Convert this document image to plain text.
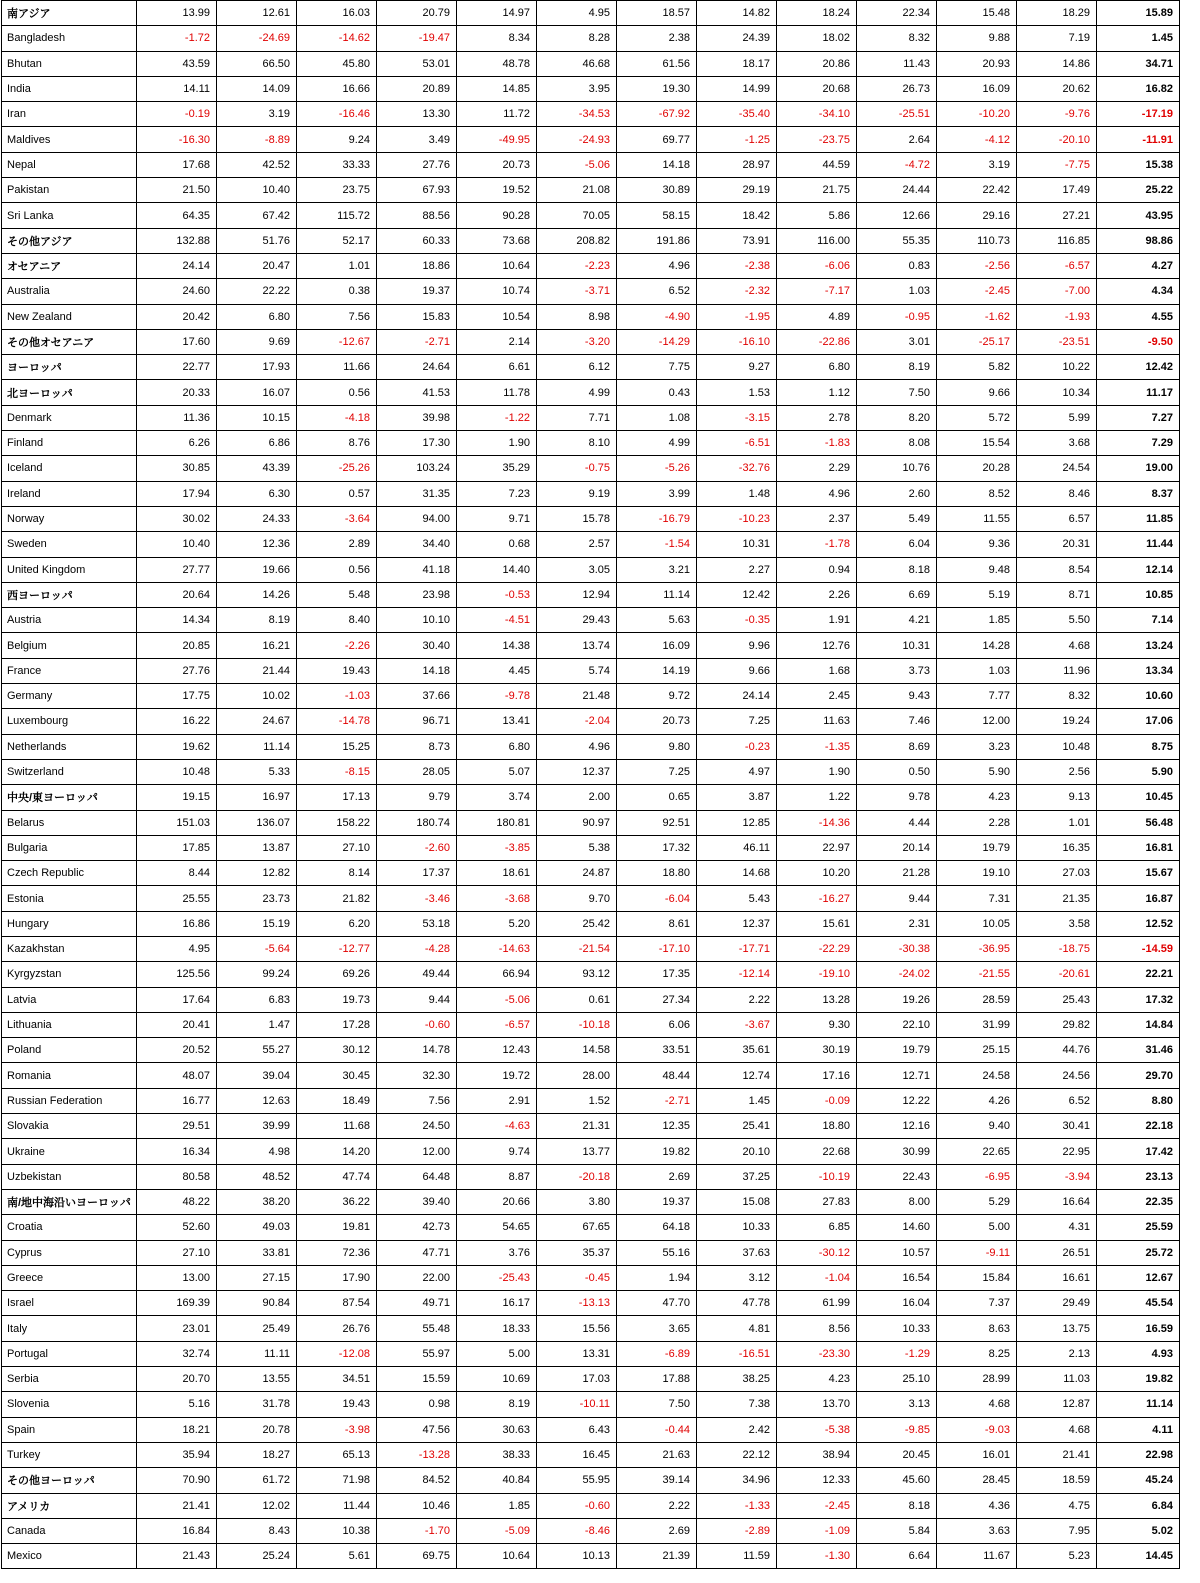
南アジア	13.99	12.61	16.03	20.79	14.97	4.95	18.57	14.82	18.24	22.34	15.48	18.29	15.89
Bangladesh	-1.72	-24.69	-14.62	-19.47	8.34	8.28	2.38	24.39	18.02	8.32	9.88	7.19	1.45
Bhutan	43.59	66.50	45.80	53.01	48.78	46.68	61.56	18.17	20.86	11.43	20.93	14.86	34.71
India	14.11	14.09	16.66	20.89	14.85	3.95	19.30	14.99	20.68	26.73	16.09	20.62	16.82
Iran	-0.19	3.19	-16.46	13.30	11.72	-34.53	-67.92	-35.40	-34.10	-25.51	-10.20	-9.76	-17.19
Maldives	-16.30	-8.89	9.24	3.49	-49.95	-24.93	69.77	-1.25	-23.75	2.64	-4.12	-20.10	-11.91
Nepal	17.68	42.52	33.33	27.76	20.73	-5.06	14.18	28.97	44.59	-4.72	3.19	-7.75	15.38
Pakistan	21.50	10.40	23.75	67.93	19.52	21.08	30.89	29.19	21.75	24.44	22.42	17.49	25.22
Sri Lanka	64.35	67.42	115.72	88.56	90.28	70.05	58.15	18.42	5.86	12.66	29.16	27.21	43.95
その他アジア	132.88	51.76	52.17	60.33	73.68	208.82	191.86	73.91	116.00	55.35	110.73	116.85	98.86
オセアニア	24.14	20.47	1.01	18.86	10.64	-2.23	4.96	-2.38	-6.06	0.83	-2.56	-6.57	4.27
Australia	24.60	22.22	0.38	19.37	10.74	-3.71	6.52	-2.32	-7.17	1.03	-2.45	-7.00	4.34
New Zealand	20.42	6.80	7.56	15.83	10.54	8.98	-4.90	-1.95	4.89	-0.95	-1.62	-1.93	4.55
その他オセアニア	17.60	9.69	-12.67	-2.71	2.14	-3.20	-14.29	-16.10	-22.86	3.01	-25.17	-23.51	-9.50
ヨーロッパ	22.77	17.93	11.66	24.64	6.61	6.12	7.75	9.27	6.80	8.19	5.82	10.22	12.42
北ヨーロッパ	20.33	16.07	0.56	41.53	11.78	4.99	0.43	1.53	1.12	7.50	9.66	10.34	11.17
Denmark	11.36	10.15	-4.18	39.98	-1.22	7.71	1.08	-3.15	2.78	8.20	5.72	5.99	7.27
Finland	6.26	6.86	8.76	17.30	1.90	8.10	4.99	-6.51	-1.83	8.08	15.54	3.68	7.29
Iceland	30.85	43.39	-25.26	103.24	35.29	-0.75	-5.26	-32.76	2.29	10.76	20.28	24.54	19.00
Ireland	17.94	6.30	0.57	31.35	7.23	9.19	3.99	1.48	4.96	2.60	8.52	8.46	8.37
Norway	30.02	24.33	-3.64	94.00	9.71	15.78	-16.79	-10.23	2.37	5.49	11.55	6.57	11.85
Sweden	10.40	12.36	2.89	34.40	0.68	2.57	-1.54	10.31	-1.78	6.04	9.36	20.31	11.44
United Kingdom	27.77	19.66	0.56	41.18	14.40	3.05	3.21	2.27	0.94	8.18	9.48	8.54	12.14
西ヨーロッパ	20.64	14.26	5.48	23.98	-0.53	12.94	11.14	12.42	2.26	6.69	5.19	8.71	10.85
Austria	14.34	8.19	8.40	10.10	-4.51	29.43	5.63	-0.35	1.91	4.21	1.85	5.50	7.14
Belgium	20.85	16.21	-2.26	30.40	14.38	13.74	16.09	9.96	12.76	10.31	14.28	4.68	13.24
France	27.76	21.44	19.43	14.18	4.45	5.74	14.19	9.66	1.68	3.73	1.03	11.96	13.34
Germany	17.75	10.02	-1.03	37.66	-9.78	21.48	9.72	24.14	2.45	9.43	7.77	8.32	10.60
Luxembourg	16.22	24.67	-14.78	96.71	13.41	-2.04	20.73	7.25	11.63	7.46	12.00	19.24	17.06
Netherlands	19.62	11.14	15.25	8.73	6.80	4.96	9.80	-0.23	-1.35	8.69	3.23	10.48	8.75
Switzerland	10.48	5.33	-8.15	28.05	5.07	12.37	7.25	4.97	1.90	0.50	5.90	2.56	5.90
中央/東ヨーロッパ	19.15	16.97	17.13	9.79	3.74	2.00	0.65	3.87	1.22	9.78	4.23	9.13	10.45
Belarus	151.03	136.07	158.22	180.74	180.81	90.97	92.51	12.85	-14.36	4.44	2.28	1.01	56.48
Bulgaria	17.85	13.87	27.10	-2.60	-3.85	5.38	17.32	46.11	22.97	20.14	19.79	16.35	16.81
Czech Republic	8.44	12.82	8.14	17.37	18.61	24.87	18.80	14.68	10.20	21.28	19.10	27.03	15.67
Estonia	25.55	23.73	21.82	-3.46	-3.68	9.70	-6.04	5.43	-16.27	9.44	7.31	21.35	16.87
Hungary	16.86	15.19	6.20	53.18	5.20	25.42	8.61	12.37	15.61	2.31	10.05	3.58	12.52
Kazakhstan	4.95	-5.64	-12.77	-4.28	-14.63	-21.54	-17.10	-17.71	-22.29	-30.38	-36.95	-18.75	-14.59
Kyrgyzstan	125.56	99.24	69.26	49.44	66.94	93.12	17.35	-12.14	-19.10	-24.02	-21.55	-20.61	22.21
Latvia	17.64	6.83	19.73	9.44	-5.06	0.61	27.34	2.22	13.28	19.26	28.59	25.43	17.32
Lithuania	20.41	1.47	17.28	-0.60	-6.57	-10.18	6.06	-3.67	9.30	22.10	31.99	29.82	14.84
Poland	20.52	55.27	30.12	14.78	12.43	14.58	33.51	35.61	30.19	19.79	25.15	44.76	31.46
Romania	48.07	39.04	30.45	32.30	19.72	28.00	48.44	12.74	17.16	12.71	24.58	24.56	29.70
Russian Federation	16.77	12.63	18.49	7.56	2.91	1.52	-2.71	1.45	-0.09	12.22	4.26	6.52	8.80
Slovakia	29.51	39.99	11.68	24.50	-4.63	21.31	12.35	25.41	18.80	12.16	9.40	30.41	22.18
Ukraine	16.34	4.98	14.20	12.00	9.74	13.77	19.82	20.10	22.68	30.99	22.65	22.95	17.42
Uzbekistan	80.58	48.52	47.74	64.48	8.87	-20.18	2.69	37.25	-10.19	22.43	-6.95	-3.94	23.13
南/地中海沿いヨーロッパ	48.22	38.20	36.22	39.40	20.66	3.80	19.37	15.08	27.83	8.00	5.29	16.64	22.35
Croatia	52.60	49.03	19.81	42.73	54.65	67.65	64.18	10.33	6.85	14.60	5.00	4.31	25.59
Cyprus	27.10	33.81	72.36	47.71	3.76	35.37	55.16	37.63	-30.12	10.57	-9.11	26.51	25.72
Greece	13.00	27.15	17.90	22.00	-25.43	-0.45	1.94	3.12	-1.04	16.54	15.84	16.61	12.67
Israel	169.39	90.84	87.54	49.71	16.17	-13.13	47.70	47.78	61.99	16.04	7.37	29.49	45.54
Italy	23.01	25.49	26.76	55.48	18.33	15.56	3.65	4.81	8.56	10.33	8.63	13.75	16.59
Portugal	32.74	11.11	-12.08	55.97	5.00	13.31	-6.89	-16.51	-23.30	-1.29	8.25	2.13	4.93
Serbia	20.70	13.55	34.51	15.59	10.69	17.03	17.88	38.25	4.23	25.10	28.99	11.03	19.82
Slovenia	5.16	31.78	19.43	0.98	8.19	-10.11	7.50	7.38	13.70	3.13	4.68	12.87	11.14
Spain	18.21	20.78	-3.98	47.56	30.63	6.43	-0.44	2.42	-5.38	-9.85	-9.03	4.68	4.11
Turkey	35.94	18.27	65.13	-13.28	38.33	16.45	21.63	22.12	38.94	20.45	16.01	21.41	22.98
その他ヨーロッパ	70.90	61.72	71.98	84.52	40.84	55.95	39.14	34.96	12.33	45.60	28.45	18.59	45.24
アメリカ	21.41	12.02	11.44	10.46	1.85	-0.60	2.22	-1.33	-2.45	8.18	4.36	4.75	6.84
Canada	16.84	8.43	10.38	-1.70	-5.09	-8.46	2.69	-2.89	-1.09	5.84	3.63	7.95	5.02
Mexico	21.43	25.24	5.61	69.75	10.64	10.13	21.39	11.59	-1.30	6.64	11.67	5.23	14.45
